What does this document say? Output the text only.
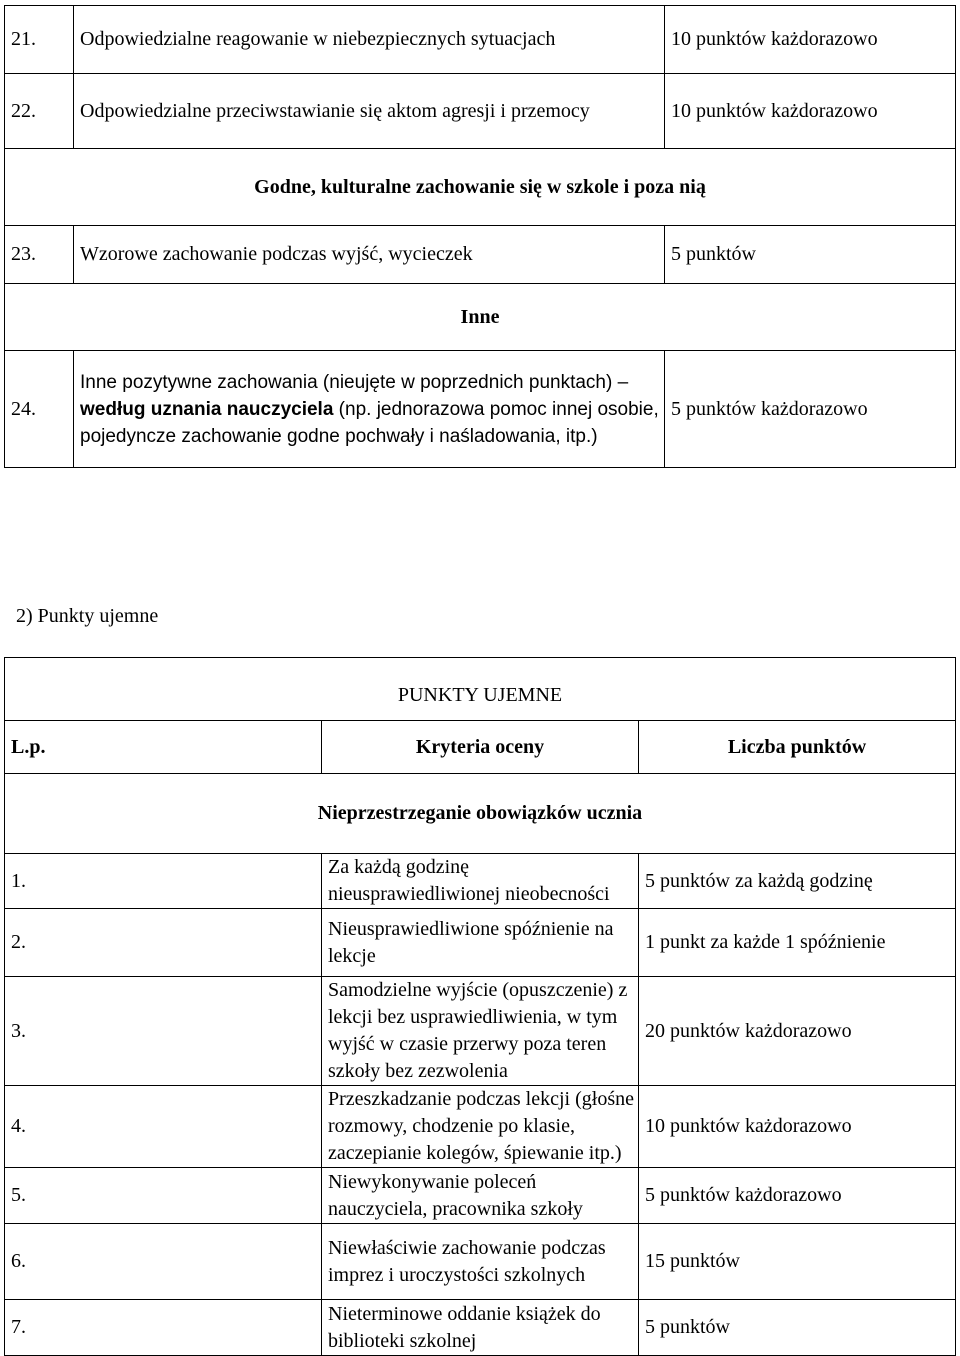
21.	Odpowiedzialne reagowanie w niebezpiecznych sytuacjach	10 punktów każdorazowo
22.	Odpowiedzialne przeciwstawianie się aktom agresji i przemocy	10 punktów każdorazowo
Godne, kulturalne zachowanie się w szkole i poza nią		
23.	Wzorowe zachowanie podczas wyjść, wycieczek	5 punktów
Inne		
24.	Inne pozytywne zachowania (nieujęte w poprzednich punktach) – według uznania nauczyciela (np. jednorazowa pomoc innej osobie, pojedyncze zachowanie godne pochwały i naśladowania, itp.)	5 punktów każdorazowo
2) Punkty ujemne
PUNKTY UJEMNE		
L.p.	Kryteria oceny	Liczba punktów
Nieprzestrzeganie obowiązków ucznia		
1.	Za każdą godzinę nieusprawiedliwionej nieobecności	5 punktów za każdą godzinę
2.	Nieusprawiedliwione spóźnienie na lekcje	1 punkt za każde 1 spóźnienie
3.	Samodzielne wyjście (opuszczenie) z lekcji bez usprawiedliwienia, w tym wyjść w czasie przerwy poza teren szkoły bez zezwolenia	20 punktów każdorazowo
4.	Przeszkadzanie podczas lekcji (głośne rozmowy, chodzenie po klasie, zaczepianie kolegów, śpiewanie itp.)	10 punktów każdorazowo
5.	Niewykonywanie poleceń nauczyciela, pracownika szkoły	5 punktów każdorazowo
6.	Niewłaściwie zachowanie podczas imprez i uroczystości szkolnych	15 punktów
7.	Nieterminowe oddanie książek do biblioteki szkolnej	5 punktów
